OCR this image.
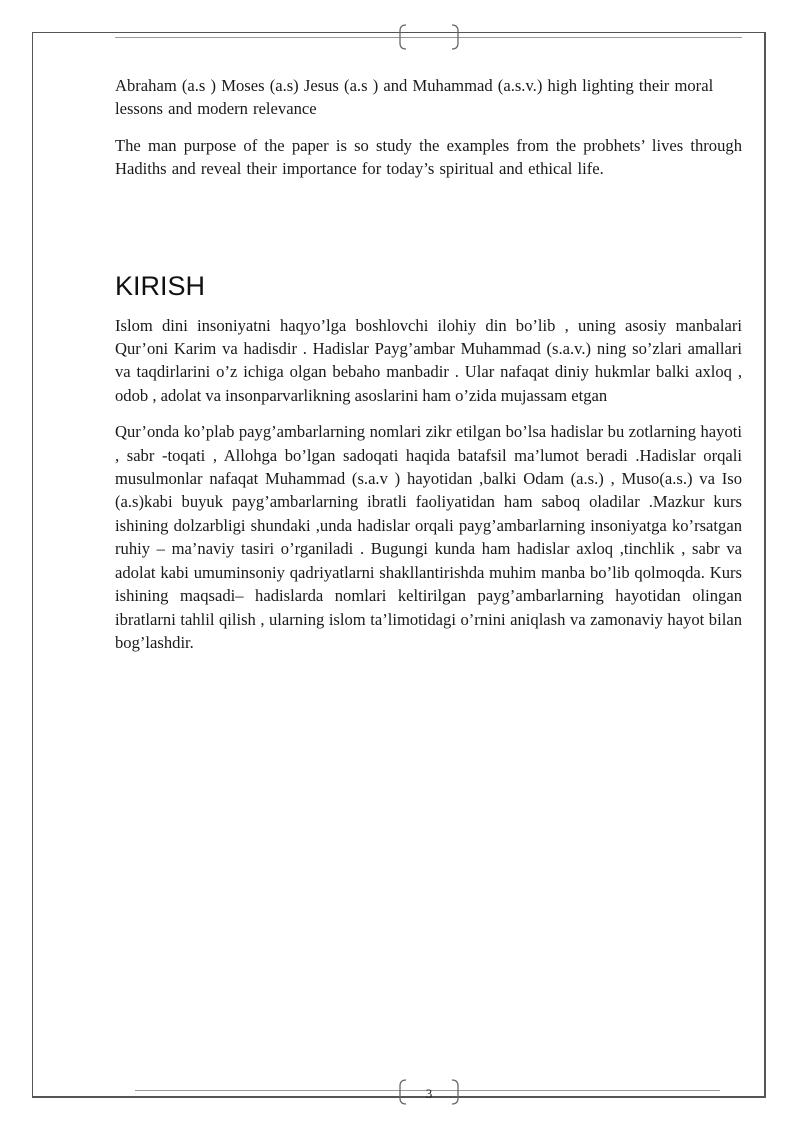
Abraham (a.s ) Moses (a.s) Jesus (a.s ) and Muhammad (a.s.v.) high lighting their moral lessons and modern relevance

The man purpose of the paper is so study the examples from the probhets’ lives through Hadiths and reveal their importance for today’s spiritual and ethical life.

KIRISH

Islom dini insoniyatni haqyo’lga boshlovchi ilohiy din bo’lib , uning asosiy manbalari Qur’oni Karim va hadisdir . Hadislar Payg’ambar Muhammad (s.a.v.) ning so’zlari amallari va taqdirlarini o’z ichiga olgan bebaho manbadir . Ular nafaqat diniy hukmlar balki axloq , odob , adolat va insonparvarlikning asoslarini ham o’zida mujassam etgan

Qur’onda ko’plab payg’ambarlarning nomlari zikr etilgan bo’lsa hadislar bu zotlarning hayoti , sabr -toqati , Allohga bo’lgan sadoqati haqida batafsil ma’lumot beradi .Hadislar orqali musulmonlar nafaqat Muhammad (s.a.v ) hayotidan ,balki Odam (a.s.) , Muso(a.s.) va Iso (a.s)kabi buyuk payg’ambarlarning ibratli faoliyatidan ham saboq oladilar .Mazkur kurs ishining dolzarbligi shundaki ,unda hadislar orqali payg’ambarlarning insoniyatga ko’rsatgan ruhiy – ma’naviy tasiri o’rganiladi . Bugungi kunda ham hadislar axloq ,tinchlik , sabr va adolat kabi umuminsoniy qadriyatlarni shakllantirishda muhim manba bo’lib qolmoqda. Kurs ishining maqsadi– hadislarda nomlari keltirilgan payg’ambarlarning hayotidan olingan ibratlarni tahlil qilish , ularning islom ta’limotidagi o’rnini aniqlash va zamonaviy hayot bilan bog’lashdir.

3
